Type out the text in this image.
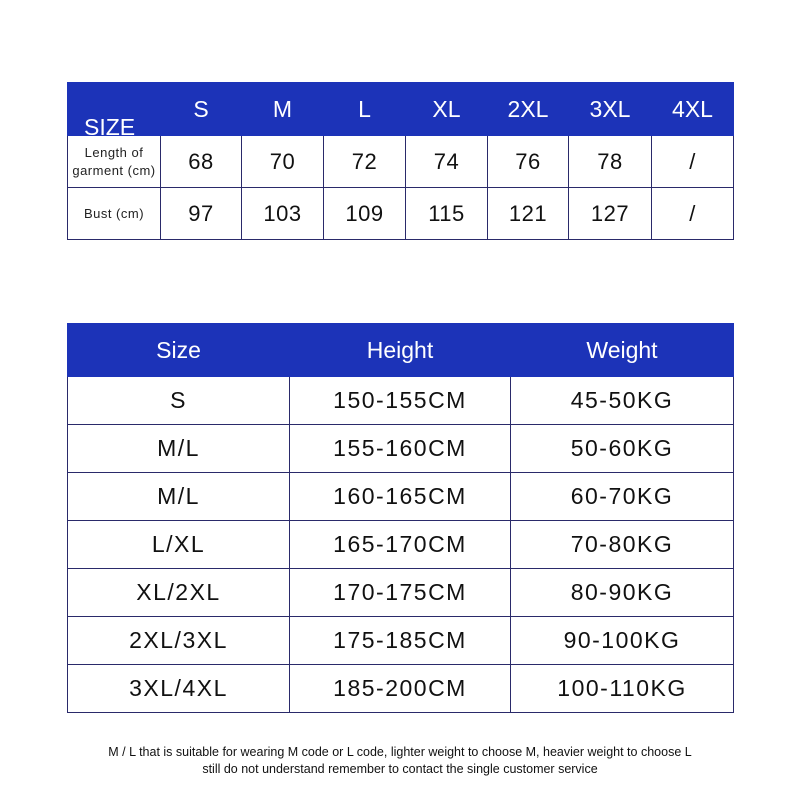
SIZE	S	M	L	XL	2XL	3XL	4XL
Length of garment (cm)	68	70	72	74	76	78	/
Bust (cm)	97	103	109	115	121	127	/
Size	Height	Weight
S	150-155CM	45-50KG
M/L	155-160CM	50-60KG
M/L	160-165CM	60-70KG
L/XL	165-170CM	70-80KG
XL/2XL	170-175CM	80-90KG
2XL/3XL	175-185CM	90-100KG
3XL/4XL	185-200CM	100-110KG
M / L that is suitable for wearing M code or L code, lighter weight to choose M, heavier weight to choose L
still do not understand remember to contact the single customer service
